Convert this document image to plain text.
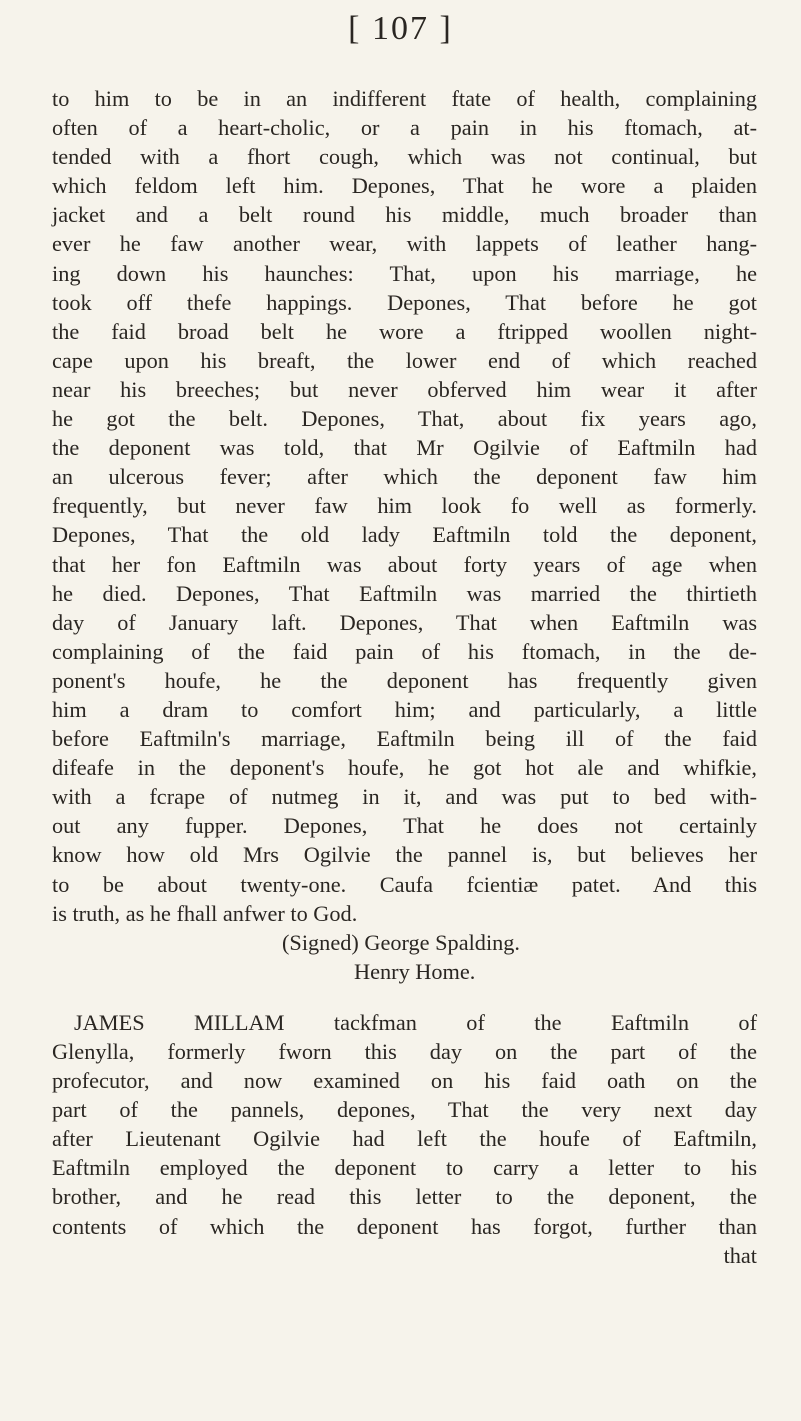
[ 107 ]
to him to be in an indifferent ftate of health, complaining
often of a heart-cholic, or a pain in his ftomach, at-
tended with a fhort cough, which was not continual, but
which feldom left him. Depones, That he wore a plaiden
jacket and a belt round his middle, much broader than
ever he faw another wear, with lappets of leather hang-
ing down his haunches: That, upon his marriage, he
took off thefe happings. Depones, That before he got
the faid broad belt he wore a ftripped woollen night-
cape upon his breaft, the lower end of which reached
near his breeches; but never obferved him wear it after
he got the belt. Depones, That, about fix years ago,
the deponent was told, that Mr Ogilvie of Eaftmiln had
an ulcerous fever; after which the deponent faw him
frequently, but never faw him look fo well as formerly.
Depones, That the old lady Eaftmiln told the deponent,
that her fon Eaftmiln was about forty years of age when
he died. Depones, That Eaftmiln was married the thirtieth
day of January laft. Depones, That when Eaftmiln was
complaining of the faid pain of his ftomach, in the de-
ponent's houfe, he the deponent has frequently given
him a dram to comfort him; and particularly, a little
before Eaftmiln's marriage, Eaftmiln being ill of the faid
difeafe in the deponent's houfe, he got hot ale and whifkie,
with a fcrape of nutmeg in it, and was put to bed with-
out any fupper. Depones, That he does not certainly
know how old Mrs Ogilvie the pannel is, but believes her
to be about twenty-one. Caufa fcientiæ patet. And this
is truth, as he fhall anfwer to God.
(Signed) George Spalding.
Henry Home.
JAMES MILLAM tackfman of the Eaftmiln of
Glenylla, formerly fworn this day on the part of the
profecutor, and now examined on his faid oath on the
part of the pannels, depones, That the very next day
after Lieutenant Ogilvie had left the houfe of Eaftmiln,
Eaftmiln employed the deponent to carry a letter to his
brother, and he read this letter to the deponent, the
contents of which the deponent has forgot, further than
that
